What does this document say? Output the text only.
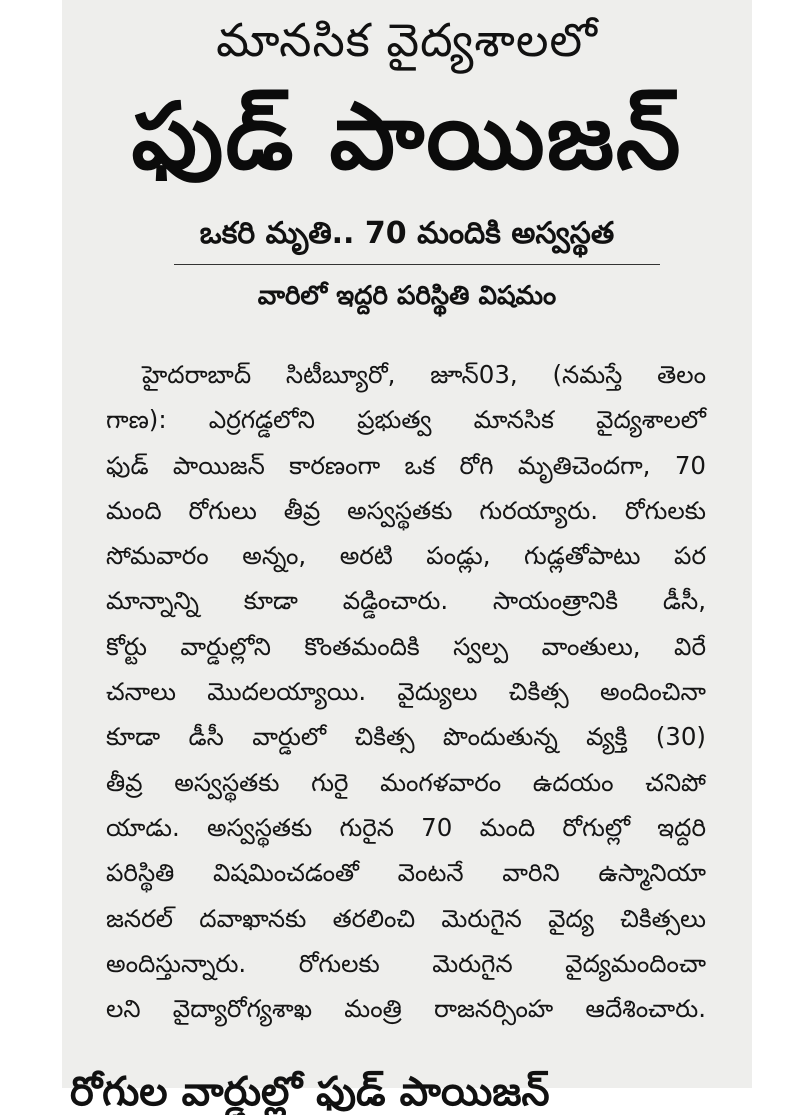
మానసిక వైద్యశాలలో
ఫుడ్ పాయిజన్
ఒకరి మృతి.. 70 మందికి అస్వస్థత
వారిలో ఇద్దరి పరిస్థితి విషమం
హైదరాబాద్ సిటీబ్యూరో, జూన్03, (నమస్తే తెలం
గాణ): ఎర్రగడ్డలోని ప్రభుత్వ మానసిక వైద్యశాలలో
ఫుడ్ పాయిజన్ కారణంగా ఒక రోగి మృతిచెందగా, 70
మంది రోగులు తీవ్ర అస్వస్థతకు గురయ్యారు. రోగులకు
సోమవారం అన్నం, అరటి పండ్లు, గుడ్లతోపాటు పర
మాన్నాన్ని కూడా వడ్డించారు. సాయంత్రానికి డీసీ,
కోర్టు వార్డుల్లోని కొంతమందికి స్వల్ప వాంతులు, విరే
చనాలు మొదలయ్యాయి. వైద్యులు చికిత్స అందించినా
కూడా డీసీ వార్డులో చికిత్స పొందుతున్న వ్యక్తి (30)
తీవ్ర అస్వస్థతకు గురై మంగళవారం ఉదయం చనిపో
యాడు. అస్వస్థతకు గురైన 70 మంది రోగుల్లో ఇద్దరి
పరిస్థితి విషమించడంతో వెంటనే వారిని ఉస్మానియా
జనరల్ దవాఖానకు తరలించి మెరుగైన వైద్య చికిత్సలు
అందిస్తున్నారు. రోగులకు మెరుగైన వైద్యమందించా
లని వైద్యారోగ్యశాఖ మంత్రి రాజనర్సింహ ఆదేశించారు.
రోగుల వార్డుల్లో ఫుడ్ పాయిజన్
